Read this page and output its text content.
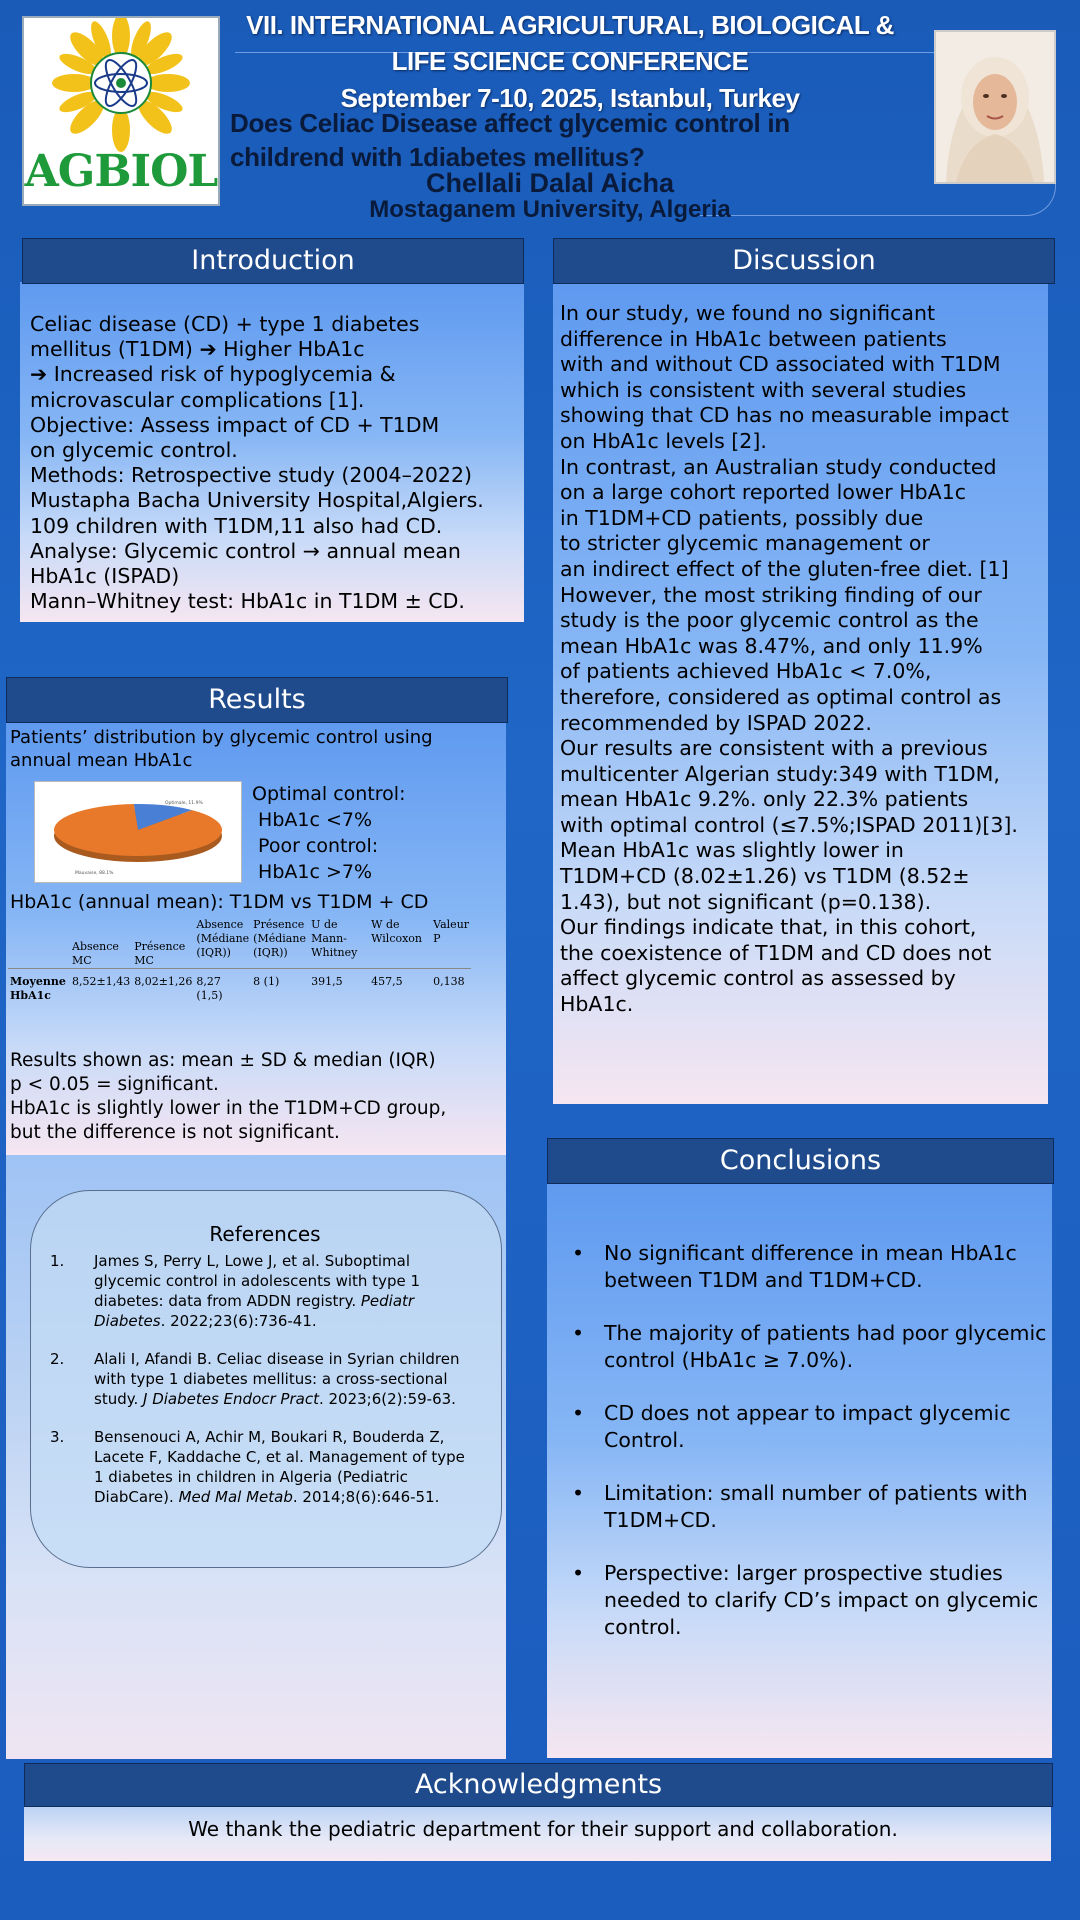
AGBIOL
VII. INTERNATIONAL AGRICULTURAL, BIOLOGICAL &
LIFE SCIENCE CONFERENCE
September 7-10, 2025, Istanbul, Turkey
Does Celiac Disease affect glycemic control in
childrend with 1diabetes mellitus?
Chellali Dalal Aicha
Mostaganem University, Algeria
Introduction
Celiac disease (CD) + type 1 diabetes
mellitus (T1DM) ➔ Higher HbA1c
➔ Increased risk of hypoglycemia &
microvascular complications [1].
Objective: Assess impact of CD + T1DM
on glycemic control.
Methods: Retrospective study (2004–2022)
Mustapha Bacha University Hospital,Algiers.
109 children with T1DM,11 also had CD.
Analyse: Glycemic control → annual mean
HbA1c (ISPAD)
Mann–Whitney test: HbA1c in T1DM ± CD.
Results
Patients’ distribution by glycemic control using
annual mean HbA1c
Optimale, 11.9%
Mauvaise, 88.1%
Optimal control:
HbA1c <7%
Poor control:
HbA1c >7%
HbA1c (annual mean): T1DM vs T1DM + CD
	Absence MC	Présence MC	Absence (Médiane (IQR))	Présence (Médiane (IQR))	U de Mann-Whitney	W de Wilcoxon	Valeur P
Moyenne HbA1c	8,52±1,43	8,02±1,26	8,27 (1,5)	8 (1)	391,5	457,5	0,138
Results shown as: mean ± SD & median (IQR)
p < 0.05 = significant.
HbA1c is slightly lower in the T1DM+CD group,
but the difference is not significant.
References
1.	James S, Perry L, Lowe J, et al. Suboptimal glycemic control in adolescents with type 1 diabetes: data from ADDN registry. Pediatr Diabetes. 2022;23(6):736-41.
2.	Alali I, Afandi B. Celiac disease in Syrian children with type 1 diabetes mellitus: a cross-sectional study. J Diabetes Endocr Pract. 2023;6(2):59-63.
3.	Bensenouci A, Achir M, Boukari R, Bouderda Z, Lacete F, Kaddache C, et al. Management of type 1 diabetes in children in Algeria (Pediatric DiabCare). Med Mal Metab. 2014;8(6):646-51.
Discussion
In our study, we found no significant
difference in HbA1c between patients
with and without CD associated with T1DM
which is consistent with several studies
showing that CD has no measurable impact
on HbA1c levels [2].
In contrast, an Australian study conducted
on a large cohort reported lower HbA1c
in T1DM+CD patients, possibly due
to stricter glycemic management or
an indirect effect of the gluten-free diet. [1]
However, the most striking finding of our
study is the poor glycemic control as the
mean HbA1c was 8.47%, and only 11.9%
of patients achieved HbA1c < 7.0%,
therefore, considered as optimal control as
recommended by ISPAD 2022.
Our results are consistent with a previous
multicenter Algerian study:349 with T1DM,
mean HbA1c 9.2%. only 22.3% patients
with optimal control (≤7.5%;ISPAD 2011)[3].
Mean HbA1c was slightly lower in
T1DM+CD (8.02±1.26) vs T1DM (8.52±
1.43), but not significant (p=0.138).
Our findings indicate that, in this cohort,
the coexistence of T1DM and CD does not
affect glycemic control as assessed by
HbA1c.
Conclusions
• No significant difference in mean HbA1c between T1DM and T1DM+CD.
• The majority of patients had poor glycemic control (HbA1c ≥ 7.0%).
• CD does not appear to impact glycemic Control.
• Limitation: small number of patients with T1DM+CD.
• Perspective: larger prospective studies needed to clarify CD’s impact on glycemic control.
Acknowledgments
We thank the pediatric department for their support and collaboration.
